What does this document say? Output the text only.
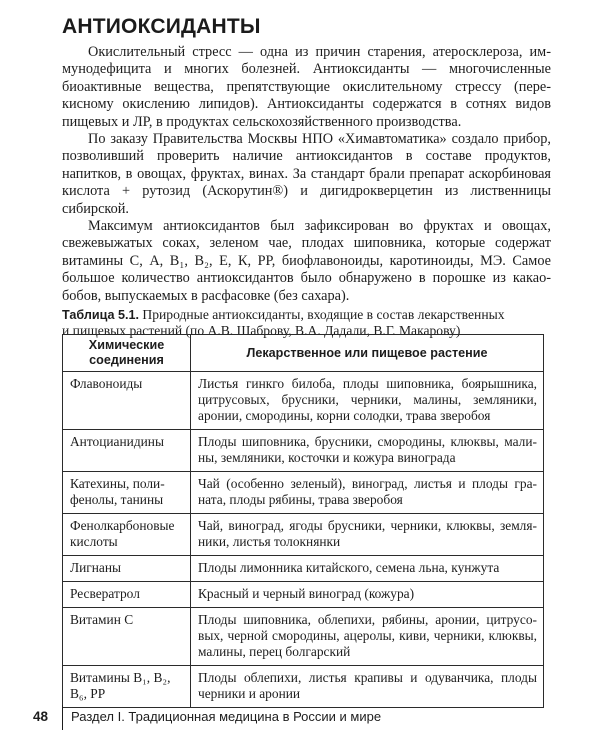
АНТИОКСИДАНТЫ

Окислительный стресс — одна из причин старения, атеросклероза, иммунодефицита и многих болезней. Антиоксиданты — многочисленные биоактивные вещества, препятствующие окислительному стрессу (перекисному окислению липидов). Антиоксиданты содержатся в сотнях видов пищевых и ЛР, в продуктах сельскохозяйственного производства.

По заказу Правительства Москвы НПО «Химавтоматика» создало прибор, позволивший проверить наличие антиоксидантов в составе продуктов, напитков, в овощах, фруктах, винах. За стандарт брали препарат аскорбиновая кислота + рутозид (Аскорутин®) и дигидрокверцетин из лиственницы сибирской.

Максимум антиоксидантов был зафиксирован во фруктах и овощах, свежевыжатых соках, зеленом чае, плодах шиповника, которые содержат витамины С, А, B₁, B₂, Е, К, РР, биофлавоноиды, каротиноиды, МЭ. Самое большое количество антиоксидантов было обнаружено в порошке из какао-бобов, выпускаемых в расфасовке (без сахара).

Таблица 5.1. Природные антиоксиданты, входящие в состав лекарственных
и пищевых растений (по А.В. Шаброву, В.А. Дадали, В.Г. Макарову)
Химические соединения	Лекарственное или пищевое растение
Флавоноиды	Листья гинкго билоба, плоды шиповника, боярышника, цитрусовых, брусники, черники, малины, земляники, аронии, смородины, корни солодки, трава зверобоя
Антоцианидины	Плоды шиповника, брусники, смородины, клюквы, малины, земляники, косточки и кожура винограда
Катехины, полифенолы, танины	Чай (особенно зеленый), виноград, листья и плоды граната, плоды рябины, трава зверобоя
Фенолкарбоновые кислоты	Чай, виноград, ягоды брусники, черники, клюквы, земляники, листья толокнянки
Лигнаны	Плоды лимонника китайского, семена льна, кунжута
Ресвератрол	Красный и черный виноград (кожура)
Витамин С	Плоды шиповника, облепихи, рябины, аронии, цитрусовых, черной смородины, ацеролы, киви, черники, клюквы, малины, перец болгарский
Витамины B₁, B₂, B₆, РР	Плоды облепихи, листья крапивы и одуванчика, плоды черники и аронии
48 Раздел I. Традиционная медицина в России и мире
